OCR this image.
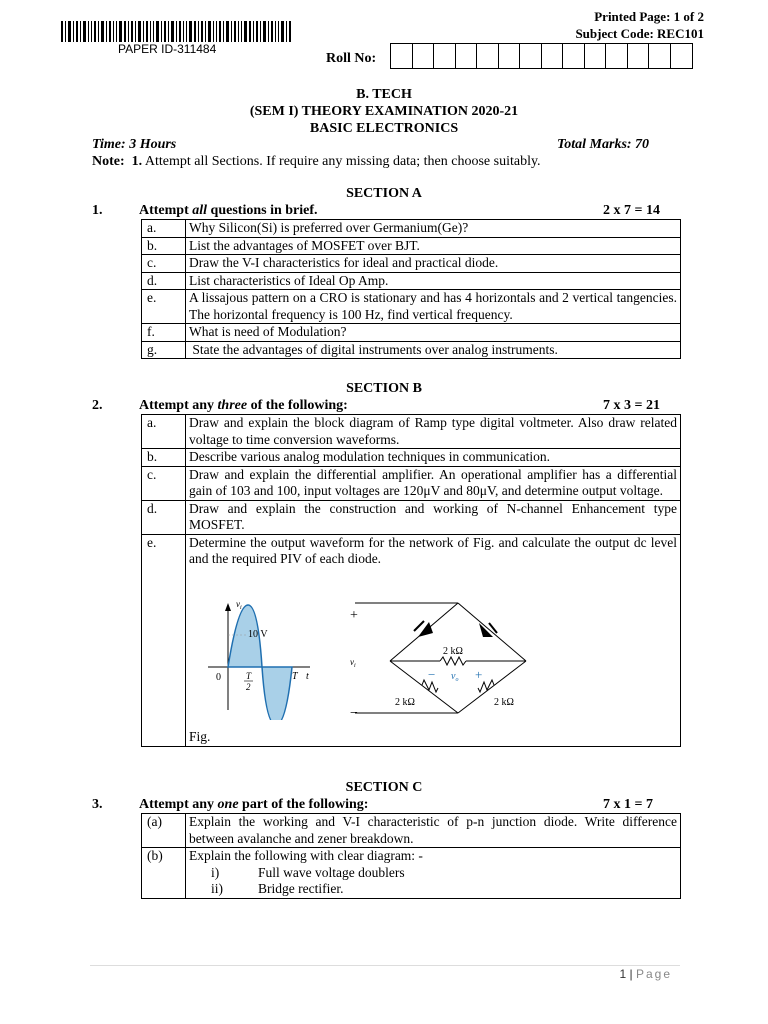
PAPER ID-311484
Printed Page: 1 of 2
Subject Code: REC101
Roll No:
B. TECH
(SEM I) THEORY EXAMINATION 2020-21
BASIC ELECTRONICS
Time: 3 Hours	Total Marks: 70
Note: 1. Attempt all Sections. If require any missing data; then choose suitably.
SECTION A
1.	Attempt all questions in brief.	2 x 7 = 14
a.	Why Silicon(Si) is preferred over Germanium(Ge)?
b.	List the advantages of MOSFET over BJT.
c.	Draw the V-I characteristics for ideal and practical diode.
d.	List characteristics of Ideal Op Amp.
e.	A lissajous pattern on a CRO is stationary and has 4 horizontals and 2 vertical tangencies. The horizontal frequency is 100 Hz, find vertical frequency.
f.	What is need of Modulation?
g.	State the advantages of digital instruments over analog instruments.
SECTION B
2.	Attempt any three of the following:	7 x 3 = 21
a.	Draw and explain the block diagram of Ramp type digital voltmeter. Also draw related voltage to time conversion waveforms.
b.	Describe various analog modulation techniques in communication.
c.	Draw and explain the differential amplifier. An operational amplifier has a differential gain of 103 and 100, input voltages are 120μV and 80μV, and determine output voltage.
d.	Draw and explain the construction and working of N-channel Enhancement type MOSFET.
e.	Determine the output waveform for the network of Fig. and calculate the output dc level and the required PIV of each diode.
Fig.
$v_i$
10 V
0	T
2
T t
+
−
$v_i$
2 kΩ
2 kΩ	2 kΩ
− $v_o$ +
SECTION C
3.	Attempt any one part of the following:	7 x 1 = 7
(a)	Explain the working and V-I characteristic of p-n junction diode. Write difference between avalanche and zener breakdown.
(b)	Explain the following with clear diagram: -
i) Full wave voltage doublers
ii) Bridge rectifier.
1 | Page
